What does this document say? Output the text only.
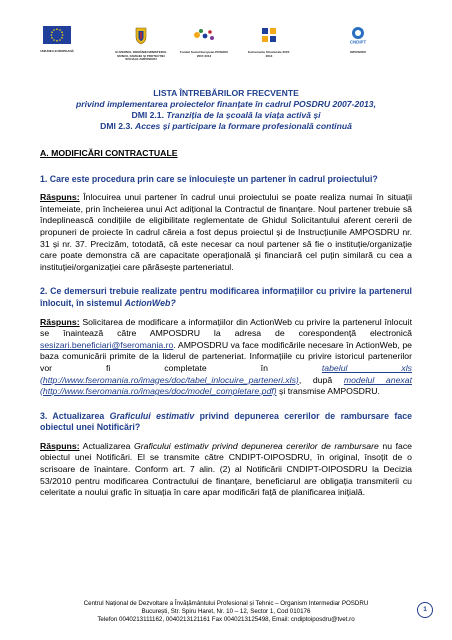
UNIUNEA EUROPEANĂ	GUVERNUL ROMÂNIEI MINISTERUL MUNCII, FAMILIEI ȘI PROTECȚIEI SOCIALE AMPOSDRU
Fondul Social European POSDRU 2007-2013
Instrumente Structurale 2007-2013
CNDIPT
OIPOSDRU
LISTA ÎNTREBĂRILOR FRECVENTE
privind implementarea proiectelor finanțate în cadrul POSDRU 2007-2013,
DMI 2.1. Tranziția de la școală la viața activă și
DMI 2.3. Acces și participare la formare profesională continuă
A. MODIFICĂRI CONTRACTUALE
1. Care este procedura prin care se înlocuiește un partener în cadrul proiectului?
Răspuns: Înlocuirea unui partener în cadrul unui proiectului se poate realiza numai în situații întemeiate, prin încheierea unui Act adițional la Contractul de finanțare. Noul partener trebuie să îndeplinească condițiile de eligibilitate reglementate de Ghidul Solicitantului aferent cererii de propuneri de proiecte în cadrul căreia a fost depus proiectul și de Instrucțiunile AMPOSDRU nr. 31 și nr. 37. Precizăm, totodată, că este necesar ca noul partener să fie o instituție/organizație care poate demonstra că are capacitate operațională și financiară cel puțin similară cu cea a instituției/organizației care părăsește parteneriatul.
2. Ce demersuri trebuie realizate pentru modificarea informațiilor cu privire la partenerul înlocuit, în sistemul ActionWeb?
Răspuns: Solicitarea de modificare a informațiilor din ActionWeb cu privire la partenerul înlocuit se înaintează către AMPOSDRU la adresa de corespondență electronică sesizari.beneficiari@fseromania.ro. AMPOSDRU va face modificările necesare în ActionWeb, pe baza comunicării primite de la liderul de parteneriat. Informațiile cu privire istoricul partenerilor vor fi completate în tabelul xls (http://www.fseromania.ro/images/doc/tabel_inlocuire_parteneri.xls), după modelul anexat (http://www.fseromania.ro/images/doc/model_completare.pdf) și transmise AMPOSDRU.
3. Actualizarea Graficului estimativ privind depunerea cererilor de rambursare face obiectul unei Notificări?
Răspuns: Actualizarea Graficului estimativ privind depunerea cererilor de rambursare nu face obiectul unei Notificări. El se transmite către CNDIPT-OIPOSDRU, în original, însoțit de o scrisoare de înaintare. Conform art. 7 alin. (2) al Notificării CNDIPT-OIPOSDRU la Decizia 53/2010 pentru modificarea Contractului de finanțare, beneficiarul are obligația transmiterii cu celeritate a noului grafic în situația în care apar modificări față de planificarea inițială.
Centrul Național de Dezvoltare a Învățământului Profesional și Tehnic – Organism Intermediar POSDRU
București, Str. Spiru Haret, Nr. 10 – 12, Sector 1, Cod 010176
Telefon 0040213111162, 0040213121161 Fax 0040213125498, Email: cndiptoiposdru@tvet.ro
1
